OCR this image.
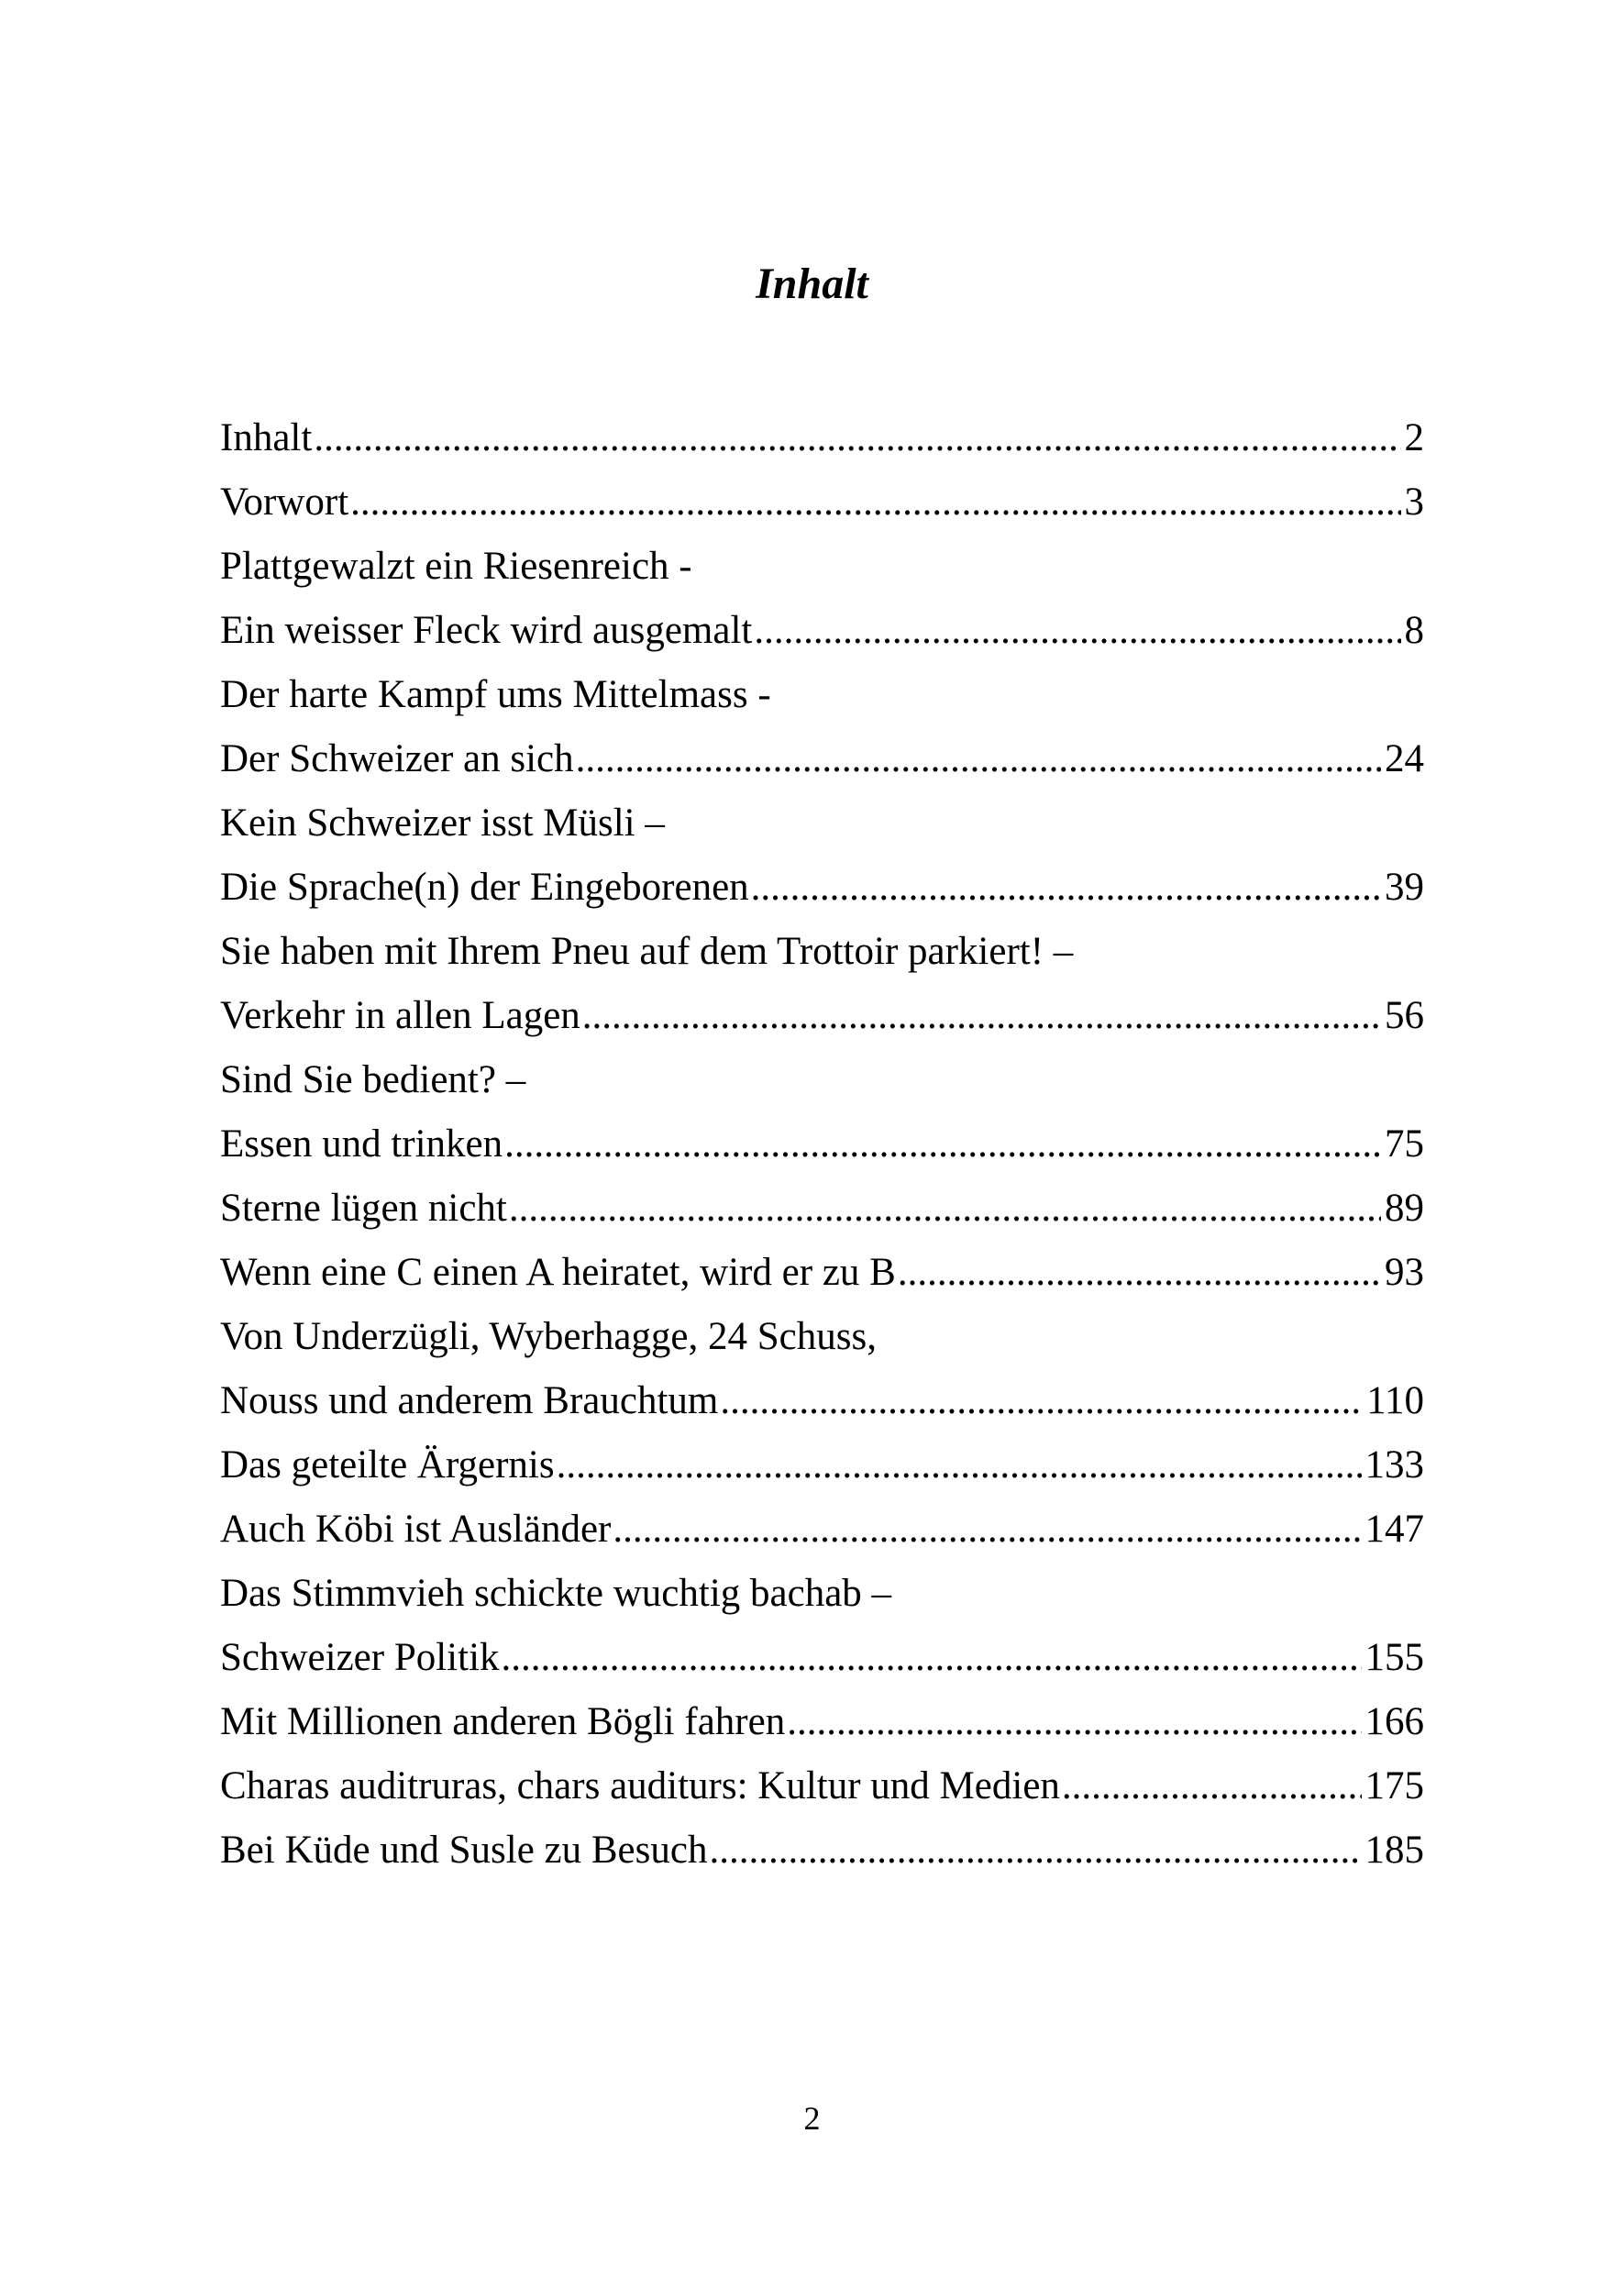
Inhalt
Inhalt .....	2
Vorwort .....	3
Plattgewalzt ein Riesenreich -
Ein weisser Fleck wird ausgemalt .....	8
Der harte Kampf ums Mittelmass -
Der Schweizer an sich .....	24
Kein Schweizer isst Müsli –
Die Sprache(n) der Eingeborenen .....	39
Sie haben mit Ihrem Pneu auf dem Trottoir parkiert! –
Verkehr in allen Lagen .....	56
Sind Sie bedient? –
Essen und trinken .....	75
Sterne lügen nicht .....	89
Wenn eine C einen A heiratet, wird er zu B .....	93
Von Underzügli, Wyberhagge, 24 Schuss,
Nouss und anderem Brauchtum .....	110
Das geteilte Ärgernis .....	133
Auch Köbi ist Ausländer .....	147
Das Stimmvieh schickte wuchtig bachab –
Schweizer Politik .....	155
Mit Millionen anderen Bögli fahren .....	166
Charas auditruras, chars auditurs: Kultur und Medien .....	175
Bei Küde und Susle zu Besuch .....	185
2
